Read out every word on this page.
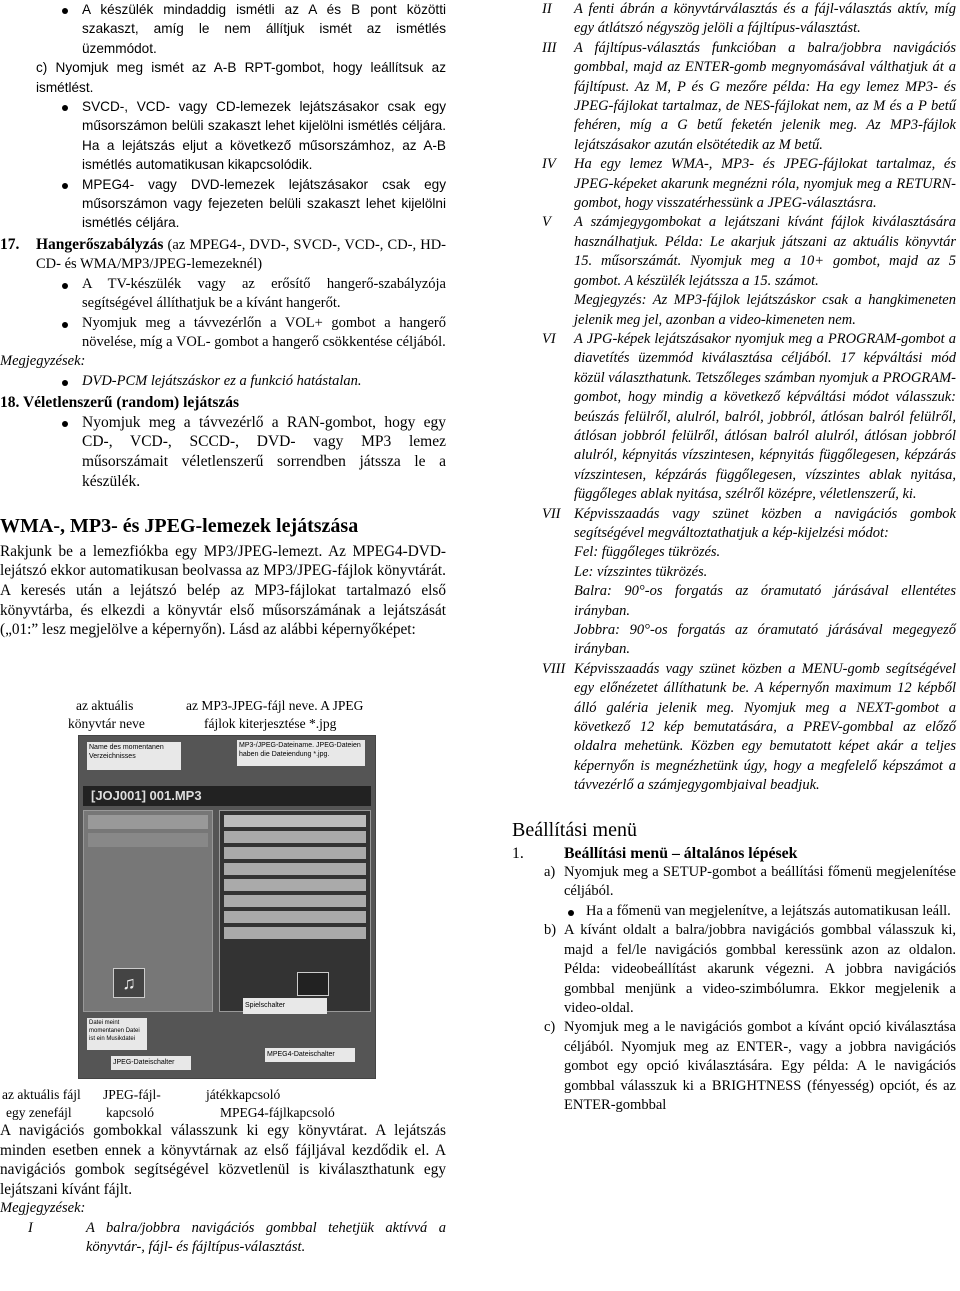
A készülék mindaddig ismétli az A és B pont közötti szakaszt, amíg le nem állítjuk ismét az ismétlés üzemmódot.

c) Nyomjuk meg ismét az A-B RPT-gombot, hogy leállítsuk az ismétlést.

SVCD-, VCD- vagy CD-lemezek lejátszásakor csak egy műsorszámon belüli szakaszt lehet kijelölni ismétlés céljára. Ha a lejátszás eljut a következő műsorszámhoz, az A-B ismétlés automatikusan kikapcsolódik.

MPEG4- vagy DVD-lemezek lejátszásakor csak egy műsorszámon vagy fejezeten belüli szakaszt lehet kijelölni ismétlés céljára.

17. Hangerőszabályzás (az MPEG4-, DVD-, SVCD-, VCD-, CD-, HD-CD- és WMA/MP3/JPEG-lemezeknél)

A TV-készülék vagy az erősítő hangerő-szabályzója segítségével állíthatjuk be a kívánt hangerőt.

Nyomjuk meg a távvezérlőn a VOL+ gombot a hangerő növelése, míg a VOL- gombot a hangerő csökkentése céljából.

Megjegyzések:

DVD-PCM lejátszáskor ez a funkció hatástalan.

18. Véletlenszerű (random) lejátszás

Nyomjuk meg a távvezérlő a RAN-gombot, hogy egy CD-, VCD-, SCCD-, DVD- vagy MP3 lemez műsorszámait véletlenszerű sorrendben játssza le a készülék.

WMA-, MP3- és JPEG-lemezek lejátszása

Rakjunk be a lemezfiókba egy MP3/JPEG-lemezt. Az MPEG4-DVD-lejátszó ekkor automatikusan beolvassa az MP3/JPEG-fájlok könyvtárát. A keresés után a lejátszó belép az MP3-fájlokat tartalmazó első könyvtárba, és elkezdi a könyvtár első műsorszámának a lejátszását („01:” lesz megjelölve a képernyőn). Lásd az alábbi képernyőképet:

az aktuális
könyvtár neve
az MP3-JPEG-fájl neve. A JPEG
fájlok kiterjesztése *.jpg
Name des momentanen Verzeichnisses
MP3-/JPEG-Dateiname. JPEG-Dateien haben die Dateiendung *.jpg.
[JOJ001] 001.MP3
♫
Spielschalter
Datei meint momentanen Datei ist ein Musikdatei
JPEG-Dateischalter
MPEG4-Dateischalter
az aktuális fájl
egy zenefájl
JPEG-fájl-
kapcsoló
játékkapcsoló
MPEG4-fájlkapcsoló

A navigációs gombokkal válasszunk ki egy könyvtárat. A lejátszás minden esetben ennek a könyvtárnak az első fájljával kezdődik el. A navigációs gombok segítségével közvetlenül is kiválaszthatunk egy lejátszani kívánt fájlt.

Megjegyzések:

I	A balra/jobbra navigációs gombbal tehetjük aktívvá a könyvtár-, fájl- és fájltípus-választást.

II A fenti ábrán a könyvtárválasztás és a fájl-választás aktív, míg egy átlátszó négyszög jelöli a fájltípus-választást.

III A fájltípus-választás funkcióban a balra/jobbra navigációs gombbal, majd az ENTER-gomb megnyomásával válthatjuk át a fájltípust. Az M, P és G mezőre példa: Ha egy lemez MP3- és JPEG-fájlokat tartalmaz, de NES-fájlokat nem, az M és a P betű fehéren, míg a G betű feketén jelenik meg. Az MP3-fájlok lejátszásakor azután elsötétedik az M betű.

IV Ha egy lemez WMA-, MP3- és JPEG-fájlokat tartalmaz, és JPEG-képeket akarunk megnézni róla, nyomjuk meg a RETURN-gombot, hogy visszatérhessünk a JPEG-választásra.

V A számjegygombokat a lejátszani kívánt fájlok kiválasztására használhatjuk. Példa: Le akarjuk játszani az aktuális könyvtár 15. műsorszámát. Nyomjuk meg a 10+ gombot, majd az 5 gombot. A készülék lejátssza a 15. számot.

Megjegyzés: Az MP3-fájlok lejátszáskor csak a hangkimeneten jelenik meg jel, azonban a video-kimeneten nem.

VI A JPG-képek lejátszásakor nyomjuk meg a PROGRAM-gombot a diavetítés üzemmód kiválasztása céljából. 17 képváltási mód közül választhatunk. Tetszőleges számban nyomjuk a PROGRAM-gombot, hogy mindig a következő képváltási módot válasszuk: beúszás felülről, alulról, balról, jobbról, átlósan balról felülről, átlósan jobbról felülről, átlósan balról alulról, átlósan jobbról alulról, képnyitás vízszintesen, képnyitás függőlegesen, képzárás vízszintesen, képzárás függőlegesen, vízszintes ablak nyitása, függőleges ablak nyitása, szélről középre, véletlenszerű, ki.

VII Képvisszaadás vagy szünet közben a navigációs gombok segítségével megváltoztathatjuk a kép-kijelzési módot:

Fel: függőleges tükrözés.

Le: vízszintes tükrözés.

Balra: 90°-os forgatás az óramutató járásával ellentétes irányban.

Jobbra: 90°-os forgatás az óramutató járásával megegyező irányban.

VIII Képvisszaadás vagy szünet közben a MENU-gomb segítségével egy előnézetet állíthatunk be. A képernyőn maximum 12 képből álló galéria jelenik meg. Nyomjuk meg a NEXT-gombot a következő 12 kép bemutatására, a PREV-gombbal az előző oldalra mehetünk. Közben egy bemutatott képet akár a teljes képernyőn is megnézhetünk úgy, hogy a megfelelő képszámot a távvezérlő a számjegygombjaival beadjuk.

Beállítási menü

1.	Beállítási menü – általános lépések

a) Nyomjuk meg a SETUP-gombot a beállítási főmenü megjelenítése céljából.

Ha a főmenü van megjelenítve, a lejátszás automatikusan leáll.

b) A kívánt oldalt a balra/jobbra navigációs gombbal válasszuk ki, majd a fel/le navigációs gombbal keressünk azon az oldalon. Példa: videobeállítást akarunk végezni. A jobbra navigációs gombbal menjünk a video-szimbólumra. Ekkor megjelenik a video-oldal.

c) Nyomjuk meg a le navigációs gombot a kívánt opció kiválasztása céljából. Nyomjuk meg az ENTER-, vagy a jobbra navigációs gombot egy opció kiválasztására. Egy példa: A le navigációs gombbal válasszuk ki a BRIGHTNESS (fényesség) opciót, és az ENTER-gombbal
